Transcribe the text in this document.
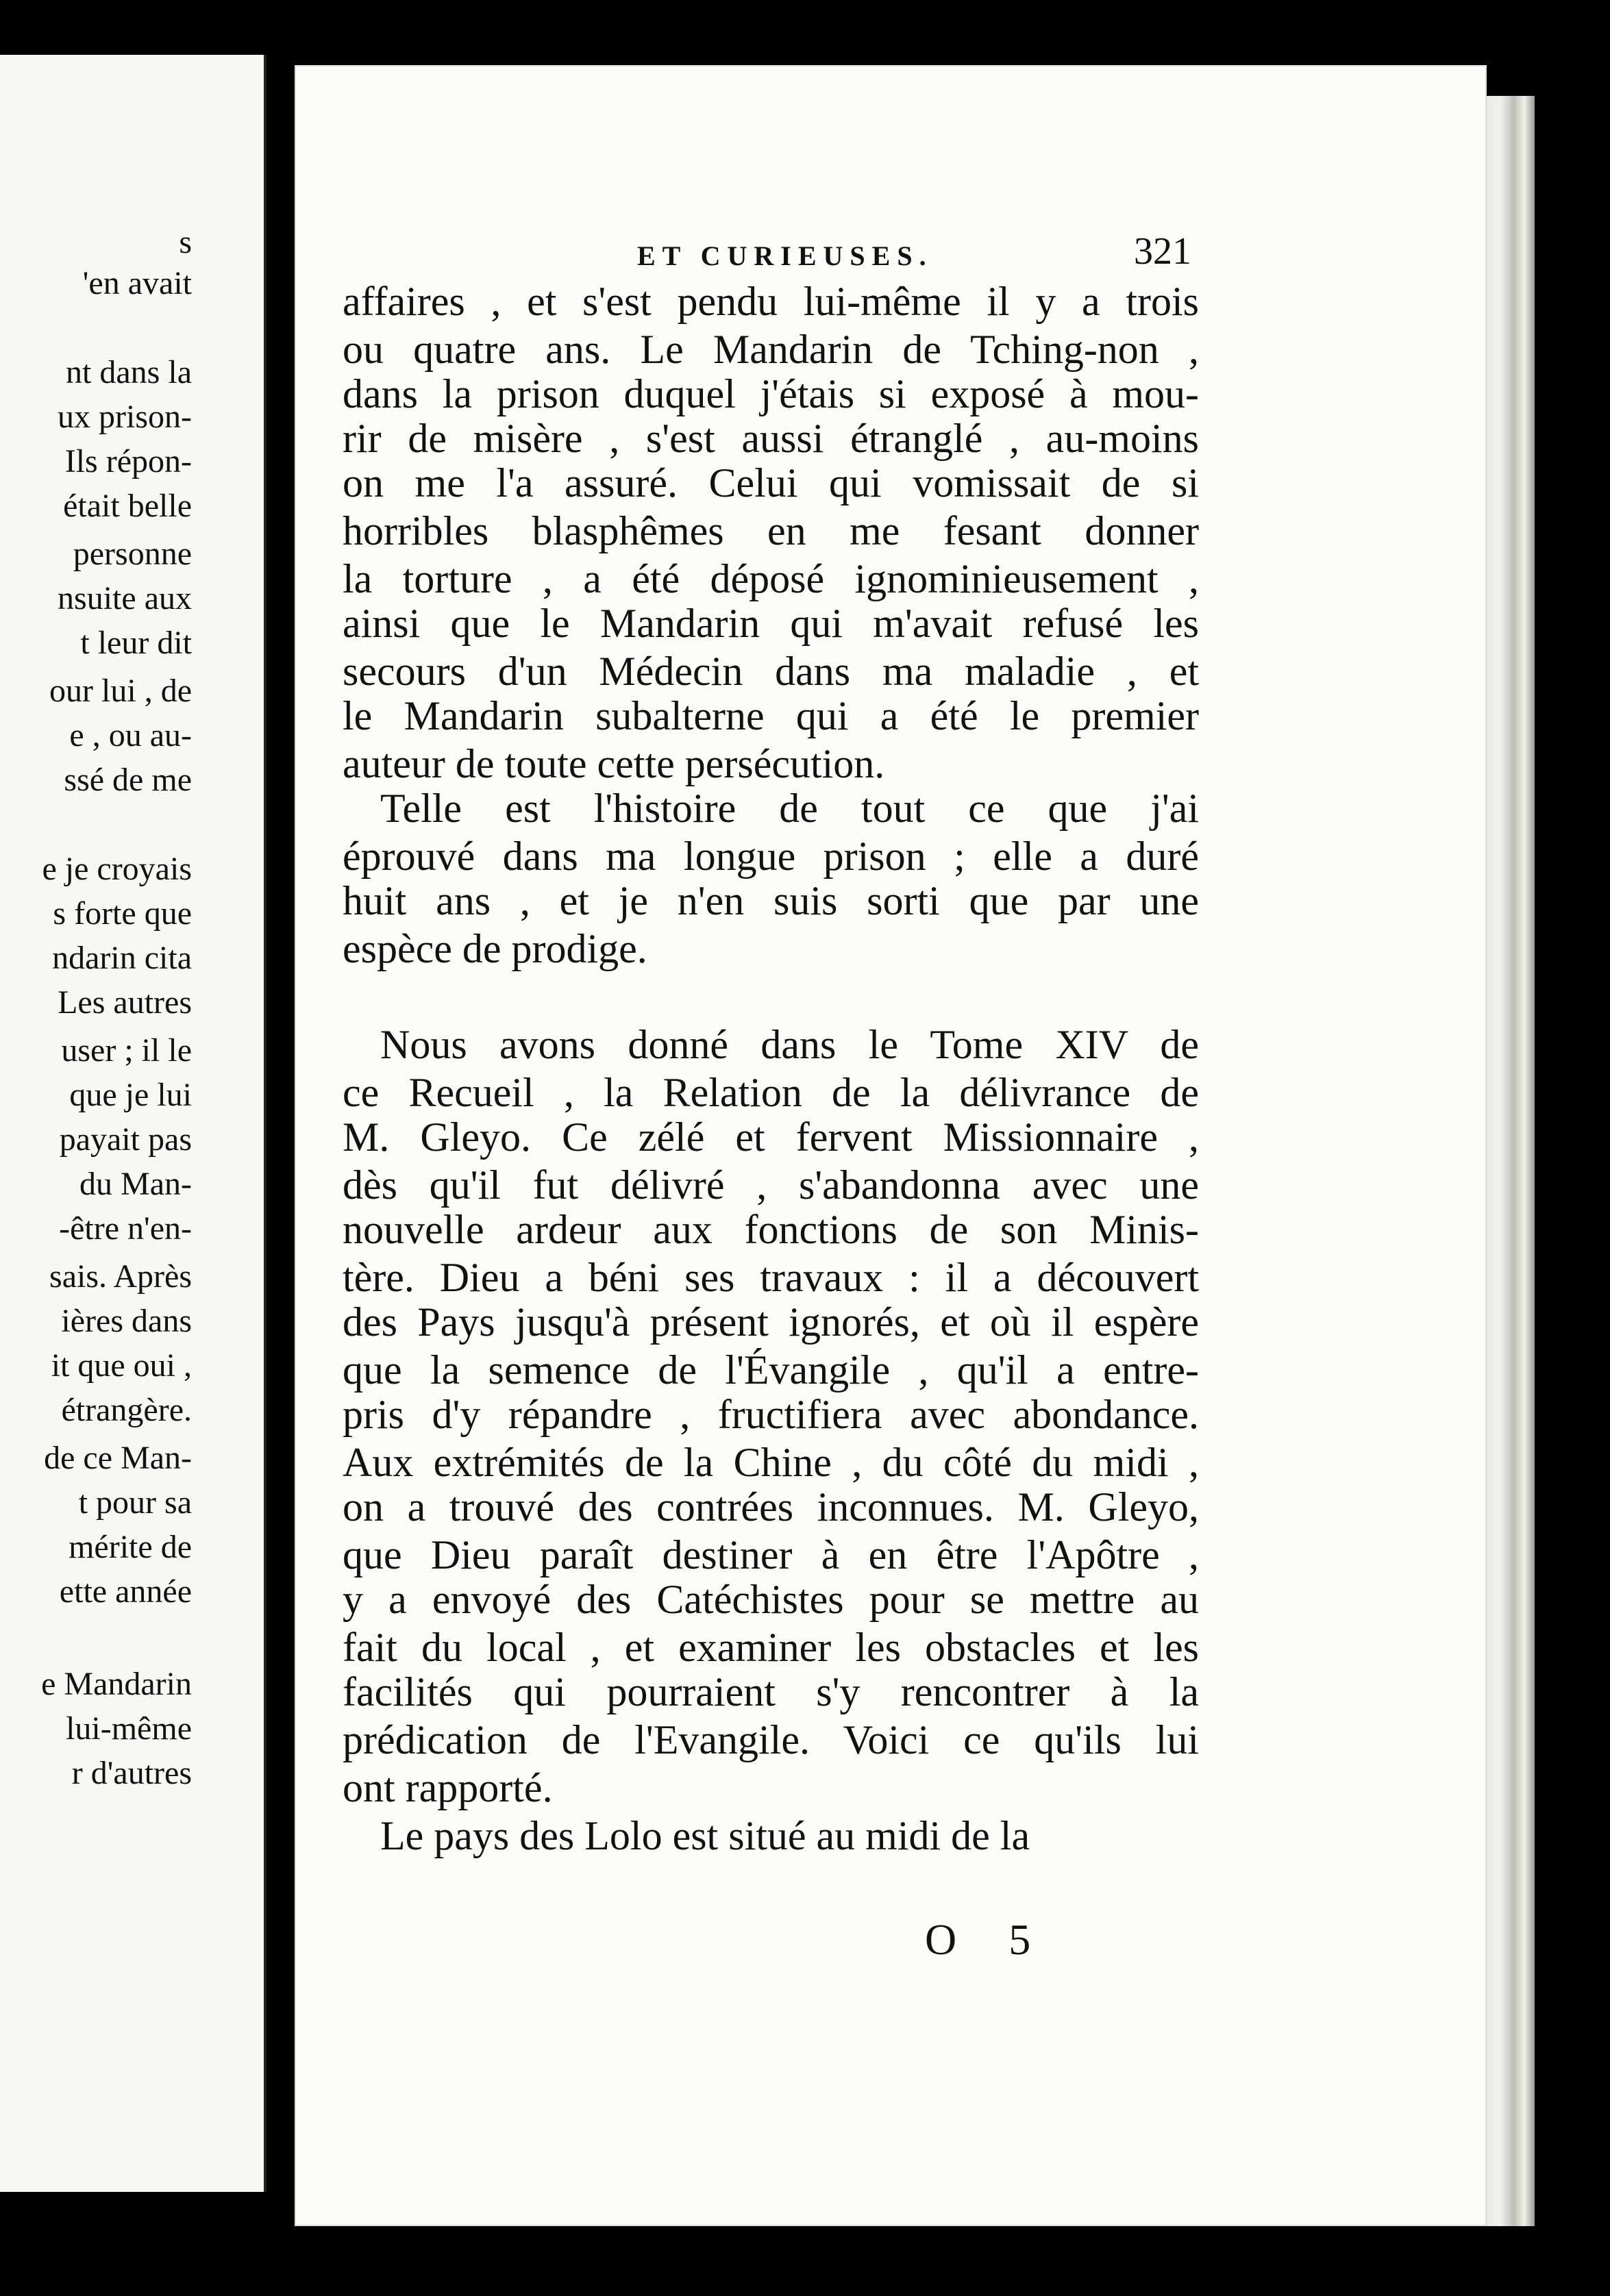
s
'en avait
nt dans la
ux prison-
Ils répon-
était belle
personne
nsuite aux
t leur dit
our lui , de
e , ou au-
ssé de me
e je croyais
s forte que
ndarin cita
Les autres
user ; il le
que je lui
payait pas
du Man-
-être n'en-
sais. Après
ières dans
it que oui ,
étrangère.
de ce Man-
t pour sa
mérite de
ette année
e Mandarin
lui-même
r d'autres
ET CURIEUSES.	321
affaires , et s'est pendu lui-même il y a trois
ou quatre ans. Le Mandarin de Tching-non ,
dans la prison duquel j'étais si exposé à mou-
rir de misère , s'est aussi étranglé , au-moins
on me l'a assuré. Celui qui vomissait de si
horribles blasphêmes en me fesant donner
la torture , a été déposé ignominieusement ,
ainsi que le Mandarin qui m'avait refusé les
secours d'un Médecin dans ma maladie , et
le Mandarin subalterne qui a été le premier
auteur de toute cette persécution.
Telle est l'histoire de tout ce que j'ai
éprouvé dans ma longue prison ; elle a duré
huit ans , et je n'en suis sorti que par une
espèce de prodige.
Nous avons donné dans le Tome XIV de
ce Recueil , la Relation de la délivrance de
M. Gleyo. Ce zélé et fervent Missionnaire ,
dès qu'il fut délivré , s'abandonna avec une
nouvelle ardeur aux fonctions de son Minis-
tère. Dieu a béni ses travaux : il a découvert
des Pays jusqu'à présent ignorés, et où il espère
que la semence de l'Évangile , qu'il a entre-
pris d'y répandre , fructifiera avec abondance.
Aux extrémités de la Chine , du côté du midi ,
on a trouvé des contrées inconnues. M. Gleyo,
que Dieu paraît destiner à en être l'Apôtre ,
y a envoyé des Catéchistes pour se mettre au
fait du local , et examiner les obstacles et les
facilités qui pourraient s'y rencontrer à la
prédication de l'Evangile. Voici ce qu'ils lui
ont rapporté.
Le pays des Lolo est situé au midi de la
O 5
